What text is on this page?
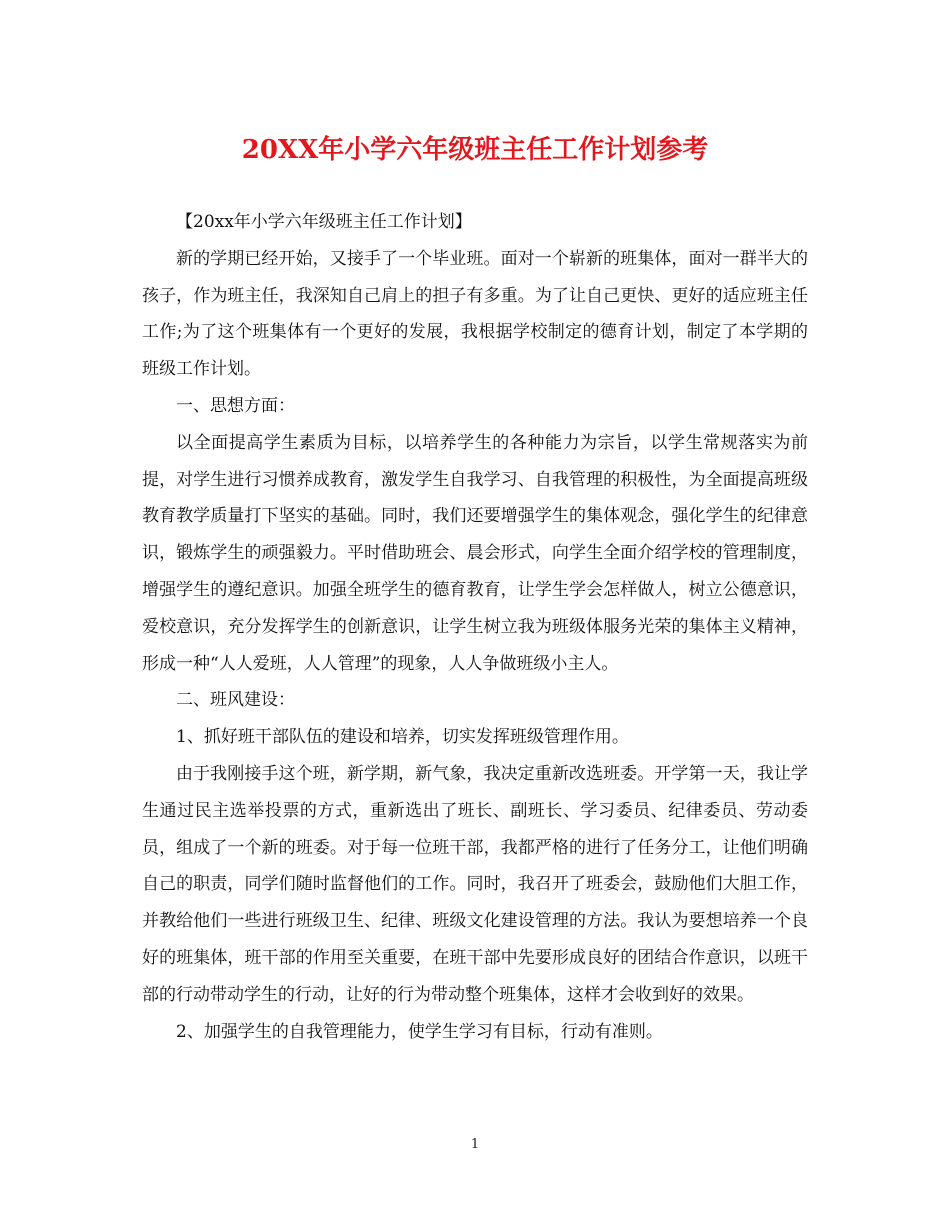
20XX年小学六年级班主任工作计划参考

【20xx年小学六年级班主任工作计划】

新的学期已经开始，又接手了一个毕业班。面对一个崭新的班集体，面对一群半大的孩子，作为班主任，我深知自己肩上的担子有多重。为了让自己更快、更好的适应班主任工作;为了这个班集体有一个更好的发展，我根据学校制定的德育计划，制定了本学期的班级工作计划。

一、思想方面：

以全面提高学生素质为目标，以培养学生的各种能力为宗旨，以学生常规落实为前提，对学生进行习惯养成教育，激发学生自我学习、自我管理的积极性，为全面提高班级教育教学质量打下坚实的基础。同时，我们还要增强学生的集体观念，强化学生的纪律意识，锻炼学生的顽强毅力。平时借助班会、晨会形式，向学生全面介绍学校的管理制度，增强学生的遵纪意识。加强全班学生的德育教育，让学生学会怎样做人，树立公德意识，爱校意识，充分发挥学生的创新意识，让学生树立我为班级体服务光荣的集体主义精神，形成一种“人人爱班，人人管理”的现象，人人争做班级小主人。

二、班风建设：

1、抓好班干部队伍的建设和培养，切实发挥班级管理作用。

由于我刚接手这个班，新学期，新气象，我决定重新改选班委。开学第一天，我让学生通过民主选举投票的方式，重新选出了班长、副班长、学习委员、纪律委员、劳动委员，组成了一个新的班委。对于每一位班干部，我都严格的进行了任务分工，让他们明确自己的职责，同学们随时监督他们的工作。同时，我召开了班委会，鼓励他们大胆工作，并教给他们一些进行班级卫生、纪律、班级文化建设管理的方法。我认为要想培养一个良好的班集体，班干部的作用至关重要，在班干部中先要形成良好的团结合作意识，以班干部的行动带动学生的行动，让好的行为带动整个班集体，这样才会收到好的效果。

2、加强学生的自我管理能力，使学生学习有目标，行动有准则。

1
